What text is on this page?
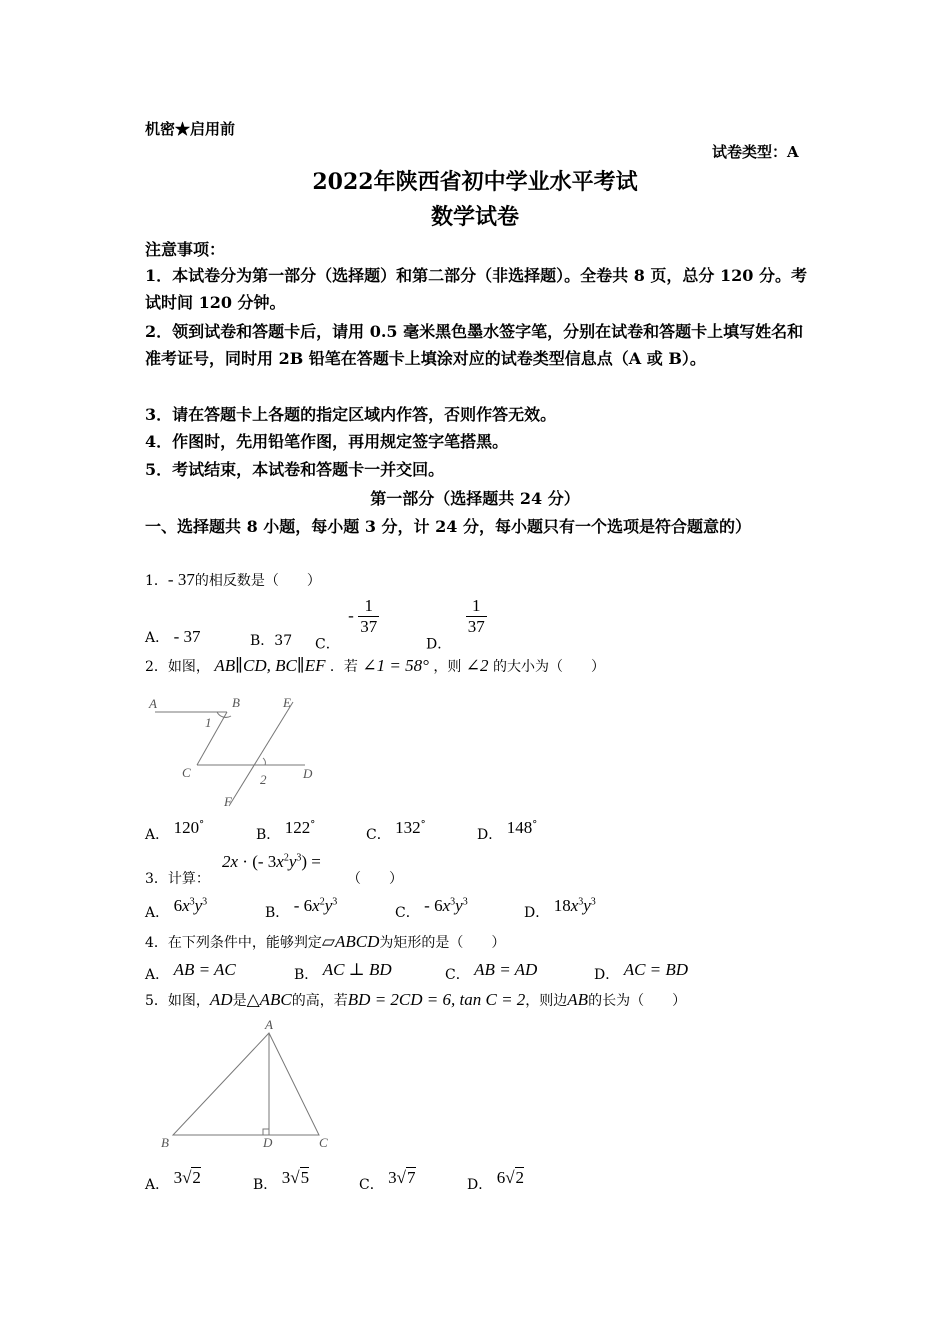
机密★启用前
试卷类型：A
2022年陕西省初中学业水平考试
数学试卷
注意事项：
1．本试卷分为第一部分（选择题）和第二部分（非选择题）。全卷共 8 页，总分 120 分。考试时间 120 分钟。
2．领到试卷和答题卡后，请用 0.5 毫米黑色墨水签字笔，分别在试卷和答题卡上填写姓名和准考证号，同时用 2B 铅笔在答题卡上填涂对应的试卷类型信息点（A 或 B）。
3．请在答题卡上各题的指定区域内作答，否则作答无效。
4．作图时，先用铅笔作图，再用规定签字笔搭黑。
5．考试结束，本试卷和答题卡一并交回。
第一部分（选择题共 24 分）
一、选择题共 8 小题，每小题 3 分，计 24 分，每小题只有一个选项是符合题意的）
1．- 37的相反数是（　　）
A． - 37	B．37 C． - $\frac{1}{37}$
D．
$\frac{1}{37}$
2．如图， AB∥CD, BC∥EF ．若 ∠1 = 58° ，则 ∠2 的大小为（　　）
A	B	E
1
C	D
2
F
A． 120°
B． 122°
C． 132°
D． 148°
3．计算：
2x · (- $3x^2y^3$) =
（　　）
A． $6x^3y^3$
B． - $6x^2y^3$
C． - $6x^3y^3$
D． $18x^3y^3$
4．在下列条件中，能够判定▱ABCD为矩形的是（　　）
A． AB = AC	B． AC ⊥ BD	C． AB = AD	D． AC = BD
5．如图，AD是△ABC的高，若BD = 2CD = 6, tan C = 2，则边AB的长为（　　）
A
B	D	C
A． 3√2	B． 3√5	C． 3√7	D． 6√2
